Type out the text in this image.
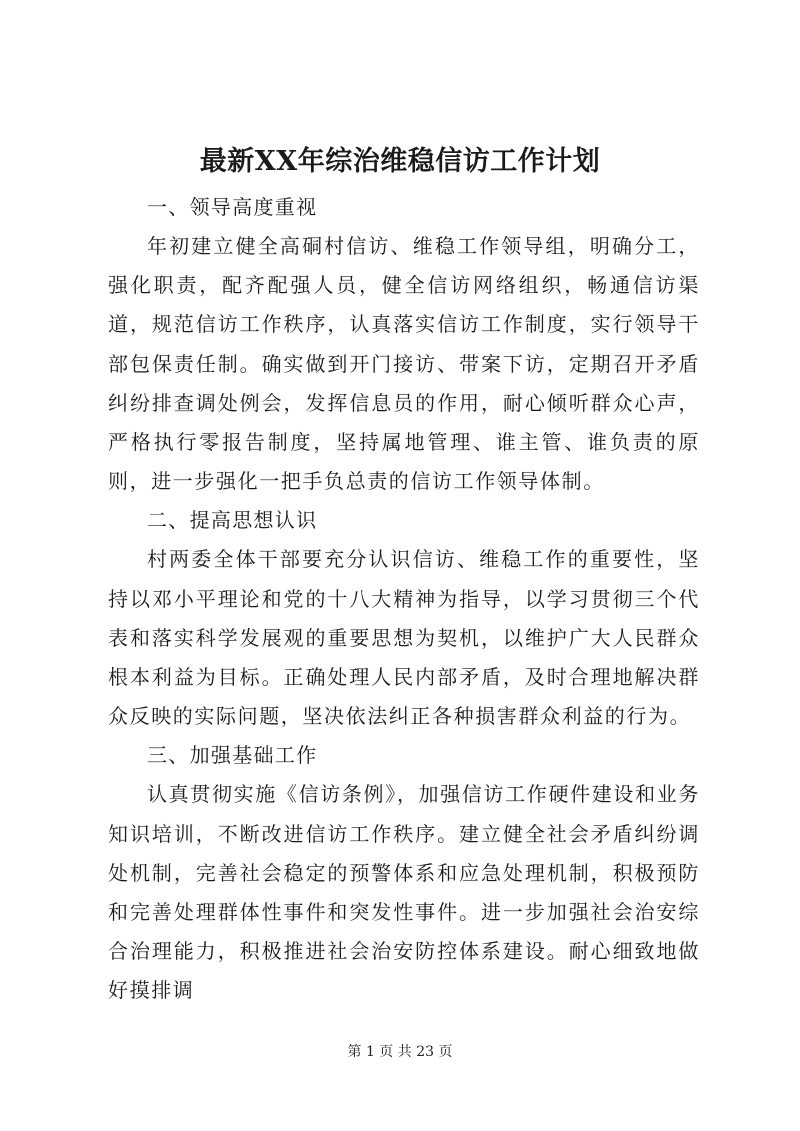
最新XX年综治维稳信访工作计划

一、领导高度重视

年初建立健全高硐村信访、维稳工作领导组，明确分工，强化职责，配齐配强人员，健全信访网络组织，畅通信访渠道，规范信访工作秩序，认真落实信访工作制度，实行领导干部包保责任制。确实做到开门接访、带案下访，定期召开矛盾纠纷排查调处例会，发挥信息员的作用，耐心倾听群众心声，严格执行零报告制度，坚持属地管理、谁主管、谁负责的原则，进一步强化一把手负总责的信访工作领导体制。

二、提高思想认识

村两委全体干部要充分认识信访、维稳工作的重要性，坚持以邓小平理论和党的十八大精神为指导，以学习贯彻三个代表和落实科学发展观的重要思想为契机，以维护广大人民群众根本利益为目标。正确处理人民内部矛盾，及时合理地解决群众反映的实际问题，坚决依法纠正各种损害群众利益的行为。

三、加强基础工作

认真贯彻实施《信访条例》，加强信访工作硬件建设和业务知识培训，不断改进信访工作秩序。建立健全社会矛盾纠纷调处机制，完善社会稳定的预警体系和应急处理机制，积极预防和完善处理群体性事件和突发性事件。进一步加强社会治安综合治理能力，积极推进社会治安防控体系建设。耐心细致地做好摸排调

第 1 页 共 23 页
